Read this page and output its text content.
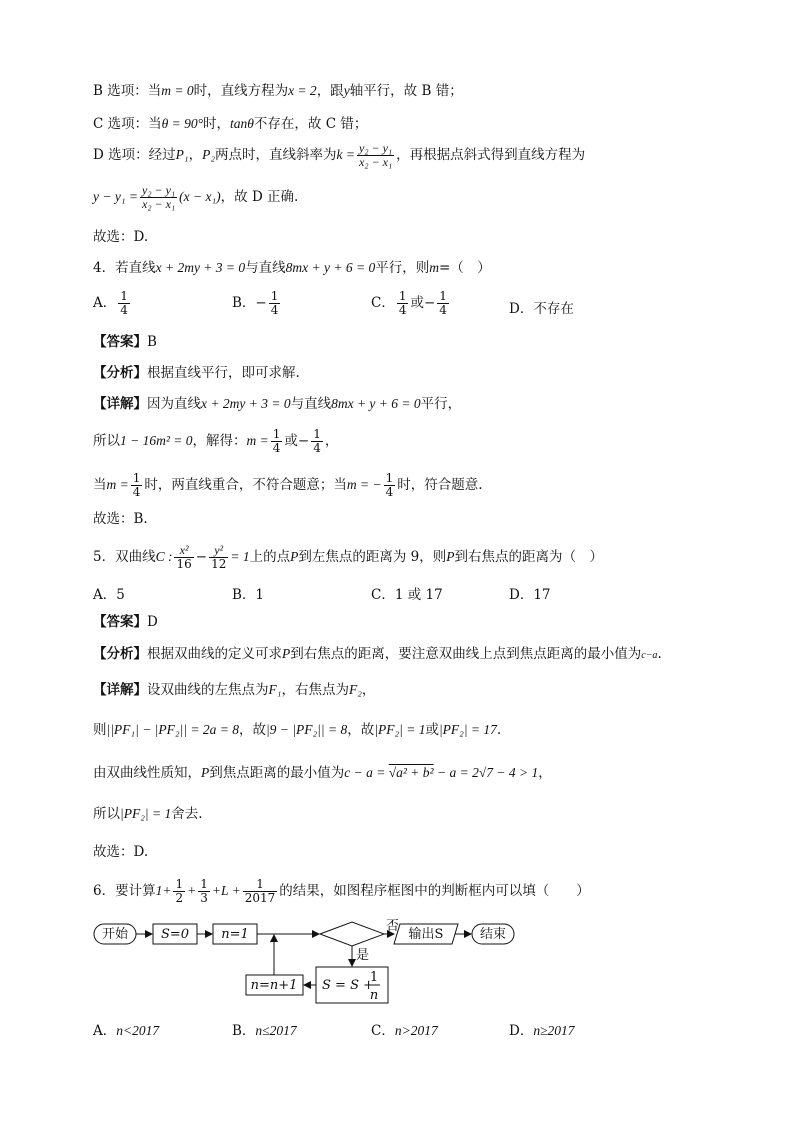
B 选项：当m = 0时，直线方程为x = 2，跟y轴平行，故 B 错；
C 选项：当θ = 90°时，tanθ不存在，故 C 错；
D 选项：经过P₁，P₂两点时，直线斜率为$k = \frac{\text{y₂ − y₁}}{\text{x₂ − x₁}}$ ，再根据点斜式得到直线方程为
$y - y_1 = \frac{\text{y₂ − y₁}}{\text{x₂ − x₁}} (x - x_1)$，故 D 正确.
故选：D.
4．若直线x + 2my + 3 = 0与直线8mx + y + 6 = 0平行，则m=（　）
A． $\frac{1}{4}$	B．− $\frac{1}{4}$	C． $\frac{1}{4}$ 或− $\frac{1}{4}$	D．不存在
【答案】B
【分析】根据直线平行，即可求解.
【详解】因为直线x + 2my + 3 = 0与直线8mx + y + 6 = 0平行，
所以1 − 16m² = 0，解得：$m = \frac{1}{4}$ 或− $\frac{1}{4}$ ，
当$m = \frac{1}{4}$ 时，两直线重合，不符合题意；当m = − $\frac{1}{4}$ 时，符合题意.
故选：B.
5．双曲线C : $\frac{\text{x²}}{16} - \frac{\text{y²}}{12} = 1$上的点P到左焦点的距离为 9，则P到右焦点的距离为（　）
A．5	B．1	C．1 或 17	D．17
【答案】D
【分析】根据双曲线的定义可求P到右焦点的距离，要注意双曲线上点到焦点距离的最小值为c−a.
【详解】设双曲线的左焦点为F₁，右焦点为F₂，
则||PF₁| − |PF₂|| = 2a = 8，故|9 − |PF₂|| = 8，故|PF₂| = 1或|PF₂| = 17.
由双曲线性质知，P到焦点距离的最小值为c − a = √a² + b² − a = 2√7 − 4 > 1，
所以|PF₂| = 1舍去.
故选：D.
6．要计算$1+ \frac{1}{2} + \frac{1}{3} +L + \frac{1}{2017}$ 的结果，如图程序框图中的判断框内可以填（　　）
开始	S=0 n=1
否
输出S	结束
是
S = S +
1
n
n=n+1
A．n<2017	B．n≤2017	C．n>2017	D．n≥2017
